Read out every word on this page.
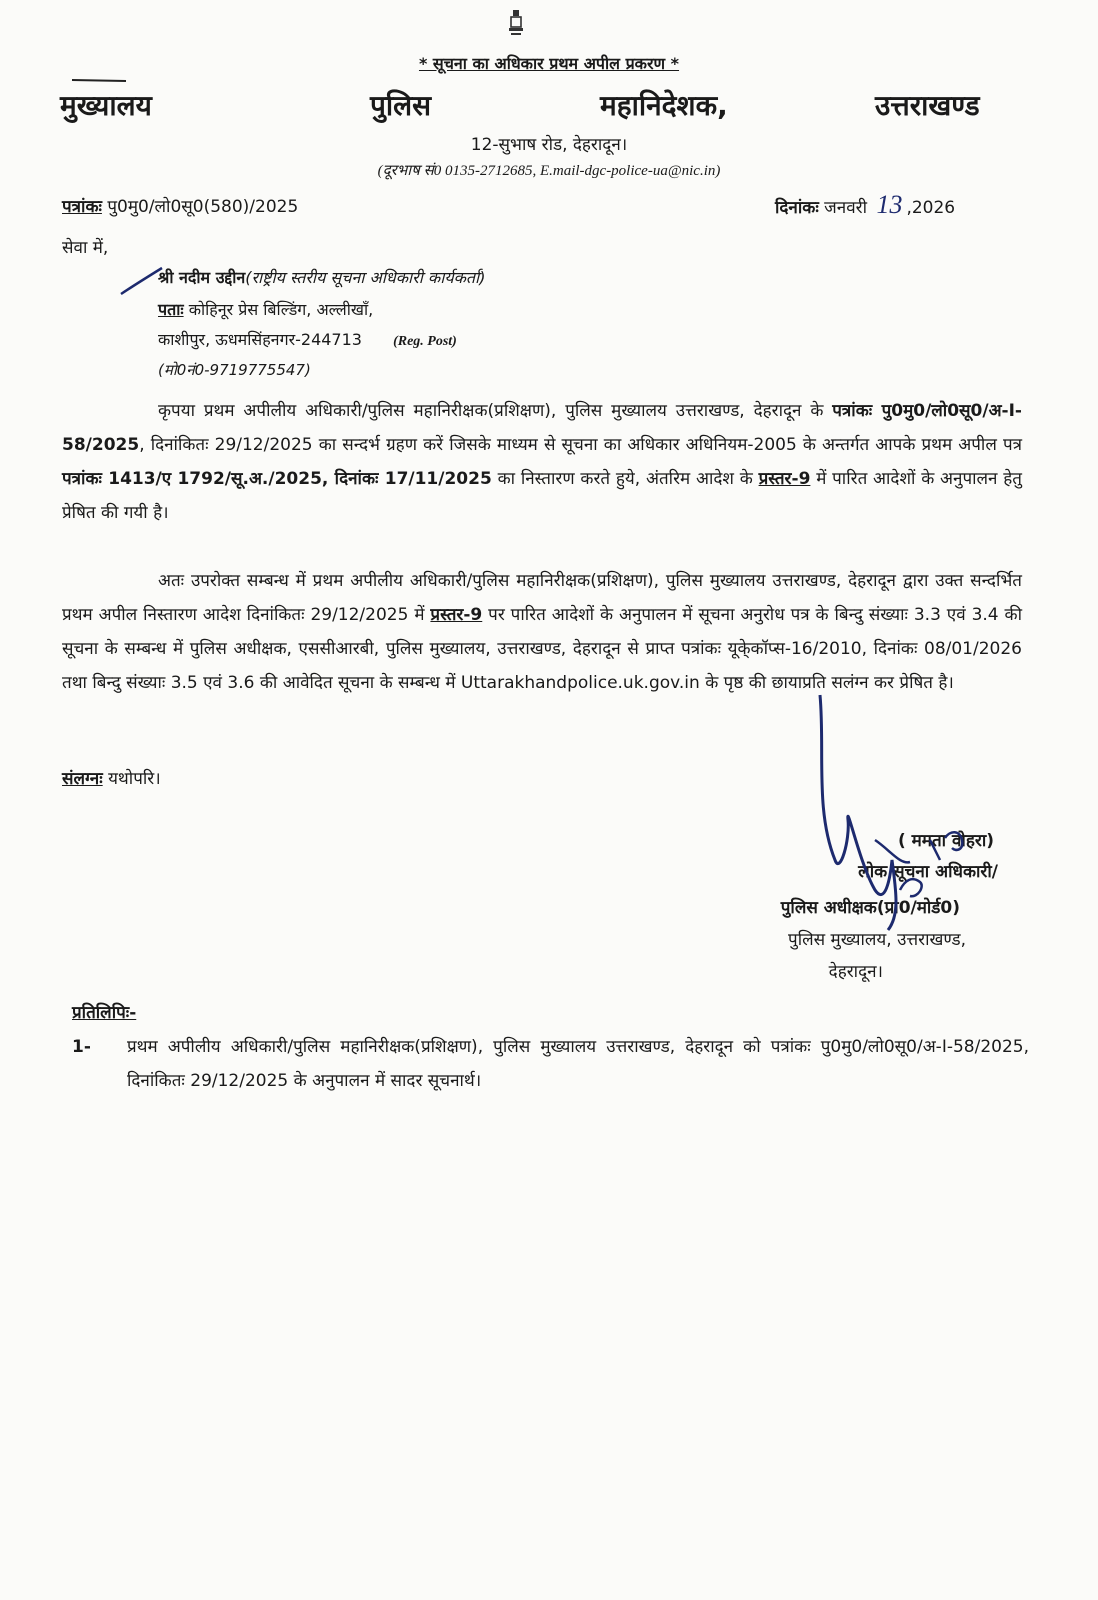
* सूचना का अधिकार प्रथम अपील प्रकरण *
मुख्यालय	पुलिस	महानिदेशक,	उत्तराखण्ड
12-सुभाष रोड, देहरादून।
(दूरभाष सं0 0135-2712685, E.mail-dgc-police-ua@nic.in)
पत्रांकः पु0मु0/लो0सू0(580)/2025	दिनांकः जनवरी 13 ,2026
सेवा में,
श्री नदीम उद्दीन(राष्ट्रीय स्तरीय सूचना अधिकारी कार्यकर्ता)
पताः कोहिनूर प्रेस बिल्डिंग, अल्लीखाँ,
काशीपुर, ऊधमसिंहनगर-244713 (Reg. Post)
(मो0नं0-9719775547)
कृपया प्रथम अपीलीय अधिकारी/पुलिस महानिरीक्षक(प्रशिक्षण), पुलिस मुख्यालय उत्तराखण्ड, देहरादून के पत्रांकः पु0मु0/लो0सू0/अ-I-58/2025, दिनांकितः 29/12/2025 का सन्दर्भ ग्रहण करें जिसके माध्यम से सूचना का अधिकार अधिनियम-2005 के अन्तर्गत आपके प्रथम अपील पत्र पत्रांकः 1413/ए 1792/सू.अ./2025, दिनांकः 17/11/2025 का निस्तारण करते हुये, अंतरिम आदेश के प्रस्तर-9 में पारित आदेशों के अनुपालन हेतु प्रेषित की गयी है।
अतः उपरोक्त सम्बन्ध में प्रथम अपीलीय अधिकारी/पुलिस महानिरीक्षक(प्रशिक्षण), पुलिस मुख्यालय उत्तराखण्ड, देहरादून द्वारा उक्त सन्दर्भित प्रथम अपील निस्तारण आदेश दिनांकितः 29/12/2025 में प्रस्तर-9 पर पारित आदेशों के अनुपालन में सूचना अनुरोध पत्र के बिन्दु संख्याः 3.3 एवं 3.4 की सूचना के सम्बन्ध में पुलिस अधीक्षक, एससीआरबी, पुलिस मुख्यालय, उत्तराखण्ड, देहरादून से प्राप्त पत्रांकः यूके्कॉप्स-16/2010, दिनांकः 08/01/2026 तथा बिन्दु संख्याः 3.5 एवं 3.6 की आवेदित सूचना के सम्बन्ध में Uttarakhandpolice.uk.gov.in के पृष्ठ की छायाप्रति सलंग्न कर प्रेषित है।
संलग्नः यथोपरि।
( ममता वोहरा)
लोक सूचना अधिकारी/
पुलिस अधीक्षक(प्रा0/मोर्ड0)
पुलिस मुख्यालय, उत्तराखण्ड,
देहरादून।
प्रतिलिपिः-
1- प्रथम अपीलीय अधिकारी/पुलिस महानिरीक्षक(प्रशिक्षण), पुलिस मुख्यालय उत्तराखण्ड, देहरादून को पत्रांकः पु0मु0/लो0सू0/अ-I-58/2025, दिनांकितः 29/12/2025 के अनुपालन में सादर सूचनार्थ।
